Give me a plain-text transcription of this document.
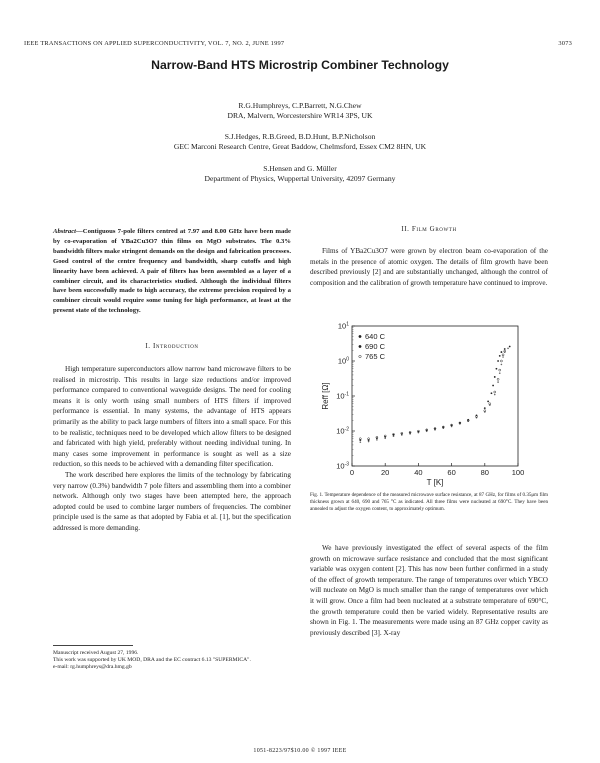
IEEE TRANSACTIONS ON APPLIED SUPERCONDUCTIVITY, VOL. 7, NO. 2, JUNE 1997	3073
Narrow-Band HTS Microstrip Combiner Technology
R.G.Humphreys, C.P.Barrett, N.G.Chew
DRA, Malvern, Worcestershire WR14 3PS, UK
S.J.Hedges, R.B.Greed, B.D.Hunt, B.P.Nicholson
GEC Marconi Research Centre, Great Baddow, Chelmsford, Essex CM2 8HN, UK
S.Hensen and G. Müller
Department of Physics, Wuppertal University, 42097 Germany
Abstract—Contiguous 7-pole filters centred at 7.97 and 8.00 GHz have been made by co-evaporation of YBa2Cu3O7 thin films on MgO substrates. The 0.3% bandwidth filters make stringent demands on the design and fabrication processes. Good control of the centre frequency and bandwidth, sharp cutoffs and high linearity have been achieved. A pair of filters has been assembled as a layer of a combiner circuit, and its characteristics studied. Although the individual filters have been successfully made to high accuracy, the extreme precision required by a combiner circuit would require some tuning for high performance, at least at the present state of the technology.
I. Introduction

High temperature superconductors allow narrow band microwave filters to be realised in microstrip. This results in large size reductions and/or improved performance compared to conventional waveguide designs. The need for cooling means it is only worth using small numbers of HTS filters if improved performance is essential. In many systems, the advantage of HTS appears primarily as the ability to pack large numbers of filters into a small space. For this to be realistic, techniques need to be developed which allow filters to be designed and fabricated with high yield, preferably without needing individual tuning. In many cases some improvement in performance is sought as well as a size reduction, so this needs to be achieved with a demanding filter specification.

The work described here explores the limits of the technology by fabricating very narrow (0.3%) bandwidth 7 pole filters and assembling them into a combiner network. Although only two stages have been attempted here, the approach adopted could be used to combine larger numbers of frequencies. The combiner principle used is the same as that adopted by Fabia et al. [1], but the specification addressed is more demanding.

Manuscript received August 27, 1996.
This work was supported by UK MOD, DRA and the EC contract 6.13 "SUPERMICA".
e-mail: rg.humphreys@dra.hmg.gb
II. Film Growth

Films of YBa2Cu3O7 were grown by electron beam co-evaporation of the metals in the presence of atomic oxygen. The details of film growth have been described previously [2] and are substantially unchanged, although the control of composition and the calibration of growth temperature have continued to improve.

0	20	40	60	80	100
$10^{-3}$
$10^{-2}$
$10^{-1}$
$10^0$
$10^1$
T [K]
Reff [Ω]
640 C
690 C
765 C
Fig. 1. Temperature dependence of the measured microwave surface resistance, at 87 GHz, for films of 0.35μm film thickness grown at 640, 690 and 765 °C as indicated. All three films were nucleated at 690°C. They have been annealed to adjust the oxygen content, to approximately optimum.

We have previously investigated the effect of several aspects of the film growth on microwave surface resistance and concluded that the most significant variable was oxygen content [2]. This has now been further confirmed in a study of the effect of growth temperature. The range of temperatures over which YBCO will nucleate on MgO is much smaller than the range of temperatures over which it will grow. Once a film had been nucleated at a substrate temperature of 690°C, the growth temperature could then be varied widely. Representative results are shown in Fig. 1. The measurements were made using an 87 GHz copper cavity as previously described [3]. X-ray

1051-8223/97$10.00 © 1997 IEEE
